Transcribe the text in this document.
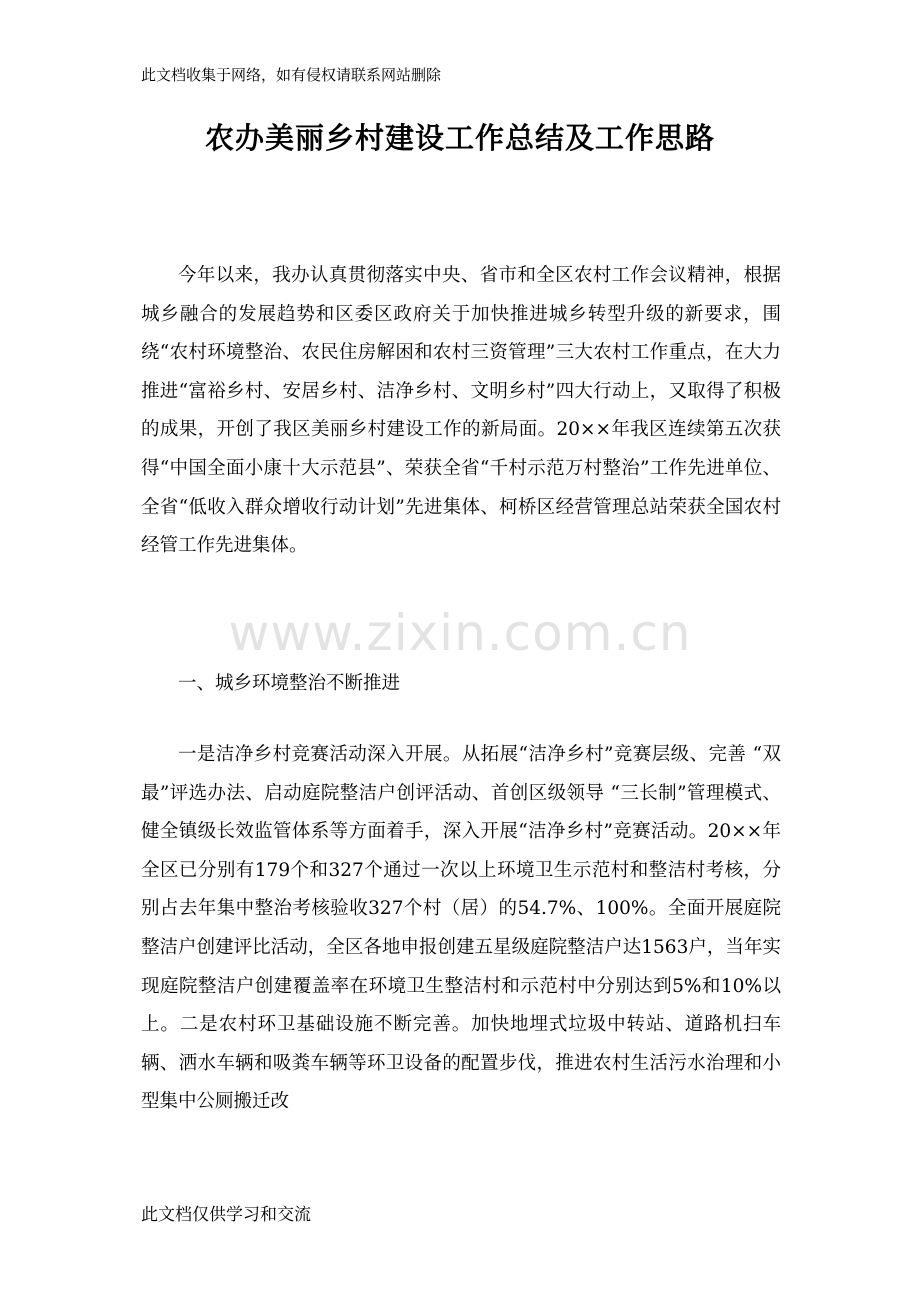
此文档收集于网络，如有侵权请联系网站删除
农办美丽乡村建设工作总结及工作思路

今年以来，我办认真贯彻落实中央、省市和全区农村工作会议精神，根据城乡融合的发展趋势和区委区政府关于加快推进城乡转型升级的新要求，围绕“农村环境整治、农民住房解困和农村三资管理”三大农村工作重点，在大力推进“富裕乡村、安居乡村、洁净乡村、文明乡村”四大行动上，又取得了积极的成果，开创了我区美丽乡村建设工作的新局面。20××年我区连续第五次获得“中国全面小康十大示范县”、荣获全省“千村示范万村整治”工作先进单位、全省“低收入群众增收行动计划”先进集体、柯桥区经营管理总站荣获全国农村经管工作先进集体。

www.zixin.com.cn

一、城乡环境整治不断推进

一是洁净乡村竞赛活动深入开展。从拓展“洁净乡村”竞赛层级、完善 “双最”评选办法、启动庭院整洁户创评活动、首创区级领导 “三长制”管理模式、健全镇级长效监管体系等方面着手，深入开展“洁净乡村”竞赛活动。20××年全区已分别有179个和327个通过一次以上环境卫生示范村和整洁村考核，分别占去年集中整治考核验收327个村（居）的54.7%、100%。全面开展庭院整洁户创建评比活动，全区各地申报创建五星级庭院整洁户达1563户，当年实现庭院整洁户创建覆盖率在环境卫生整洁村和示范村中分别达到5%和10%以上。二是农村环卫基础设施不断完善。加快地埋式垃圾中转站、道路机扫车辆、洒水车辆和吸粪车辆等环卫设备的配置步伐，推进农村生活污水治理和小型集中公厕搬迁改

此文档仅供学习和交流
